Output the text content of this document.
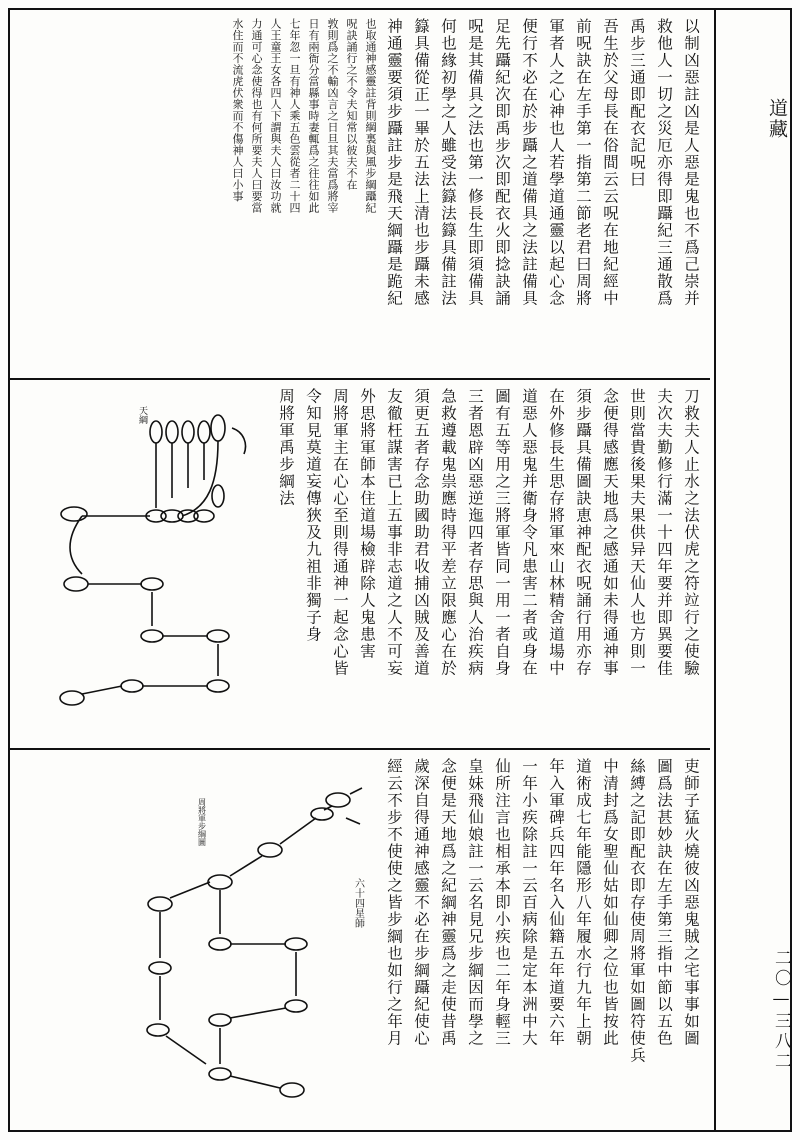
道藏
二〇—三八二
以制凶惡註凶是人惡是鬼也不爲己崇并
救他人一切之災厄亦得即躡紀三通散爲
禹步三通即配衣記呪曰
吾生於父母長在俗間云云呪在地紀經中
前呪訣在左手第一指第二節老君曰周將
軍者人之心神也人若學道通靈以起心念
便行不必在於步躡之道備具之法註備具
足先躡紀次即禹步次即配衣火即捻訣誦
呪是其備具之法也第一修長生即須備具
何也緣初學之人雖受法籙法籙具備註法
籙具備從正一畢於五法上清也步躡未感
神通靈要須步躡註步是飛天綱躡是跪紀
也取通神感靈註背則綱裏與風步綱躡紀
呪訣誦行之不令夫知常以彼夫不在
敦則爲之不輸凶言之日旦其夫當爲將宰
日有兩衙分當縣事時妻輒爲之往往如此
七年忽一旦有神人乘五色雲從者二十四
人王童王女各四人下謂與夫人曰汝功就
力通可心念使得也有何所要夫人曰要當
水住而不流虎伏衆而不傷神人曰小事
刀救夫人止水之法伏虎之符竝行之使驗
夫次夫勤修行滿一十四年要并即異要佳
世則當貴後果夫果供异天仙人也方則一
念便得感應天地爲之感通如未得通神事
須步躡具備圖訣恵神配衣呪誦行用亦存
在外修長生思存將軍來山林精舍道場中
道惡人惡鬼并衛身令凡患害二者或身在
圖有五等用之三將軍皆同一用一者自身
三者恩辟凶惡逆迤四者存思與人治疾病
急救遵載鬼祟應時得平差立限應心在於
須更五者存念助國助君收捕凶賊及善道
友徹枉謀害已上五事非志道之人不可妄
外思將軍師本住道場檢辟除人鬼患害
周將軍主在心心至則得通神一起念心皆
令知見莫道妄傳狹及九祖非獨子身
周將軍禹步綱法
天綱
吏師子猛火燒彼凶惡鬼賊之宅事事如圖
圖爲法甚妙訣在左手第三指中節以五色
絲縛之記即配衣即存使周將軍如圖符使兵
中清封爲女聖仙姑如仙卿之位也皆按此
道術成七年能隱形八年履水行九年上朝
年入軍碑兵四年名入仙籍五年道要六年
一年小疾除註一云百病除是定本洲中大
仙所注言也相承本即小疾也二年身輕三
皇妹飛仙娘註一云名見兄步綱因而學之
念便是天地爲之紀綱神靈爲之走使昔禹
歲深自得通神感靈不必在步綱躡紀使心
經云不步不使使之皆步綱也如行之年月
六十四星師
周將軍步綱圖
